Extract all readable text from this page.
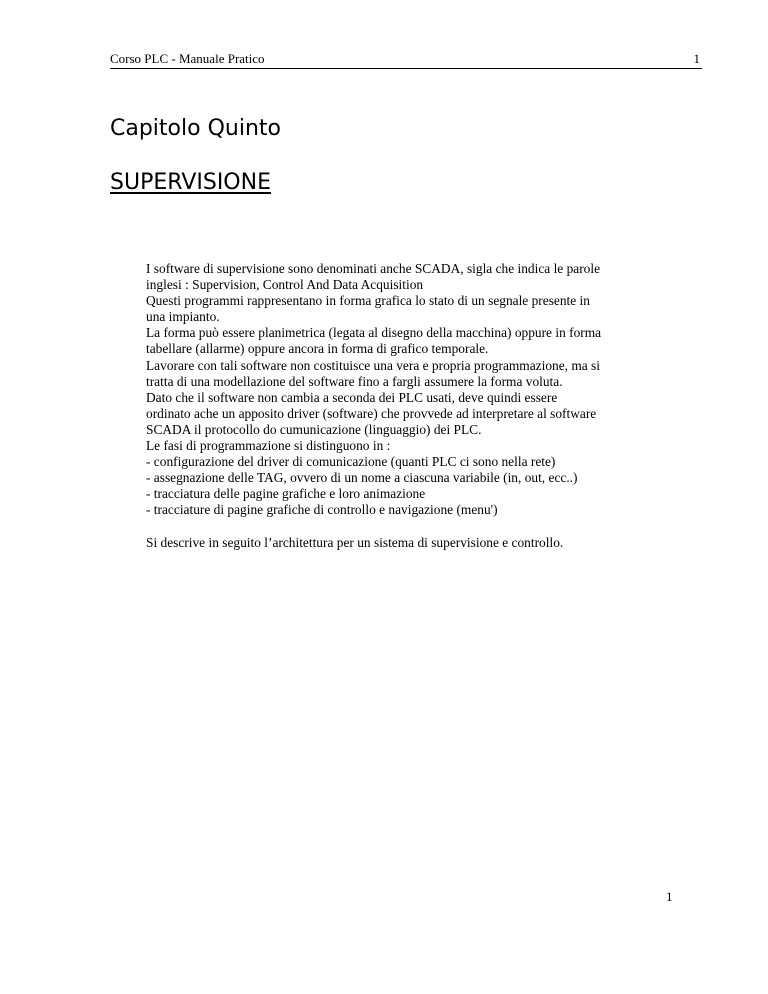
Corso PLC - Manuale Pratico	1
Capitolo Quinto
SUPERVISIONE

I software di supervisione sono denominati anche SCADA, sigla che indica le parole

inglesi : Supervision, Control And Data Acquisition

Questi programmi rappresentano in forma grafica lo stato di un segnale presente in

una impianto.

La forma può essere planimetrica (legata al disegno della macchina) oppure in forma

tabellare (allarme) oppure ancora in forma di grafico temporale.

Lavorare con tali software non costituisce una vera e propria programmazione, ma si

tratta di una modellazione del software fino a fargli assumere la forma voluta.

Dato che il software non cambia a seconda dei PLC usati, deve quindi essere

ordinato ache un apposito driver (software) che provvede ad interpretare al software

SCADA il protocollo do cumunicazione (linguaggio) dei PLC.

Le fasi di programmazione si distinguono in :

- configurazione del driver di comunicazione (quanti PLC ci sono nella rete)

- assegnazione delle TAG, ovvero di un nome a ciascuna variabile (in, out, ecc..)

- tracciatura delle pagine grafiche e loro animazione

- tracciature di pagine grafiche di controllo e navigazione (menu')

Si descrive in seguito l’architettura per un sistema di supervisione e controllo.

1
